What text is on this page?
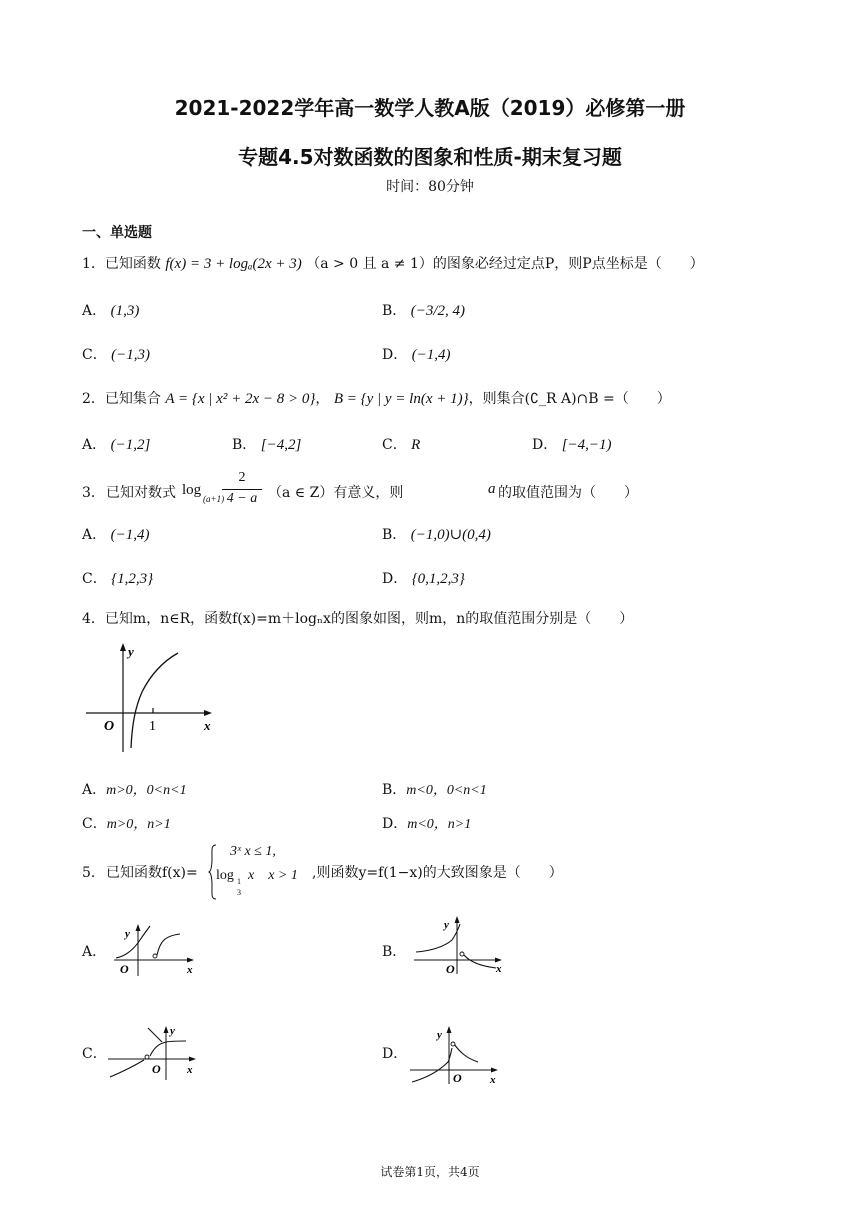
2021-2022学年高一数学人教A版（2019）必修第一册
专题4.5对数函数的图象和性质-期末复习题
时间：80分钟
一、单选题
1．已知函数 f(x) = 3 + logₐ(2x + 3) （a > 0 且 a ≠ 1）的图象必经过定点P，则P点坐标是（　　）
A． (1,3)	B． (−3/2, 4)
C． (−1,3)	D． (−1,4)
2．已知集合 A = {x | x² + 2x − 8 > 0}， B = {y | y = ln(x + 1)}，则集合(∁_R A)∩B =（　　）
A． (−1,2]	B． [−4,2]	C． R	D． [−4,−1)
3． 已知对数式 log
(a+1)
2
4 − a （a ∈ Z）有意义，则	a 的取值范围为（　　）
A． (−1,4)	B． (−1,0)∪(0,4)
C． {1,2,3}	D． {0,1,2,3}
4．已知m，n∈R，函数f(x)=m＋logₙx的图象如图，则m，n的取值范围分别是（　　）
y
x
O 1
A．m>0，0<n<1	B．m<0，0<n<1
C．m>0，n>1	D．m<0，n>1
5． 已知函数f(x)=
3ˣ x ≤ 1,
log 1
3
x    x > 1 ,则函数y=f(1−x)的大致图象是（　　）
A．
y
x
O
B．
y
x
O
C．
y
x
O
D．
y
x
O
试卷第1页，共4页
